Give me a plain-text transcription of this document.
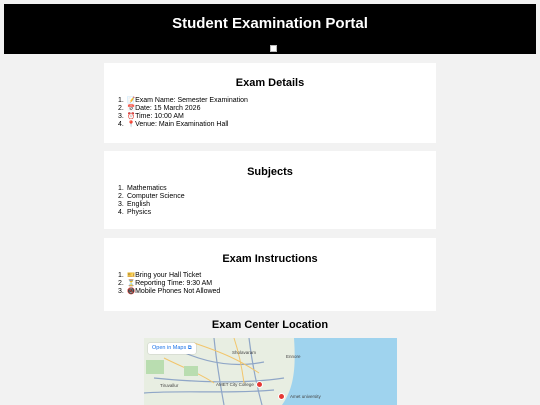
Student Examination Portal
Exam Details
1. 📝Exam Name: Semester Examination
2. 📅Date: 15 March 2026
3. ⏰Time: 10:00 AM
4. 📍Venue: Main Examination Hall
Subjects
1. Mathematics
2. Computer Science
3. English
4. Physics
Exam Instructions
1. 🎫Bring your Hall Ticket
2. ⏳Reporting Time: 9:30 AM
3. 📵Mobile Phones Not Allowed
Exam Center Location
Open in Maps ⧉
Sholavaram
Ennore
AMET City College
Amet university
Tiruvallur
